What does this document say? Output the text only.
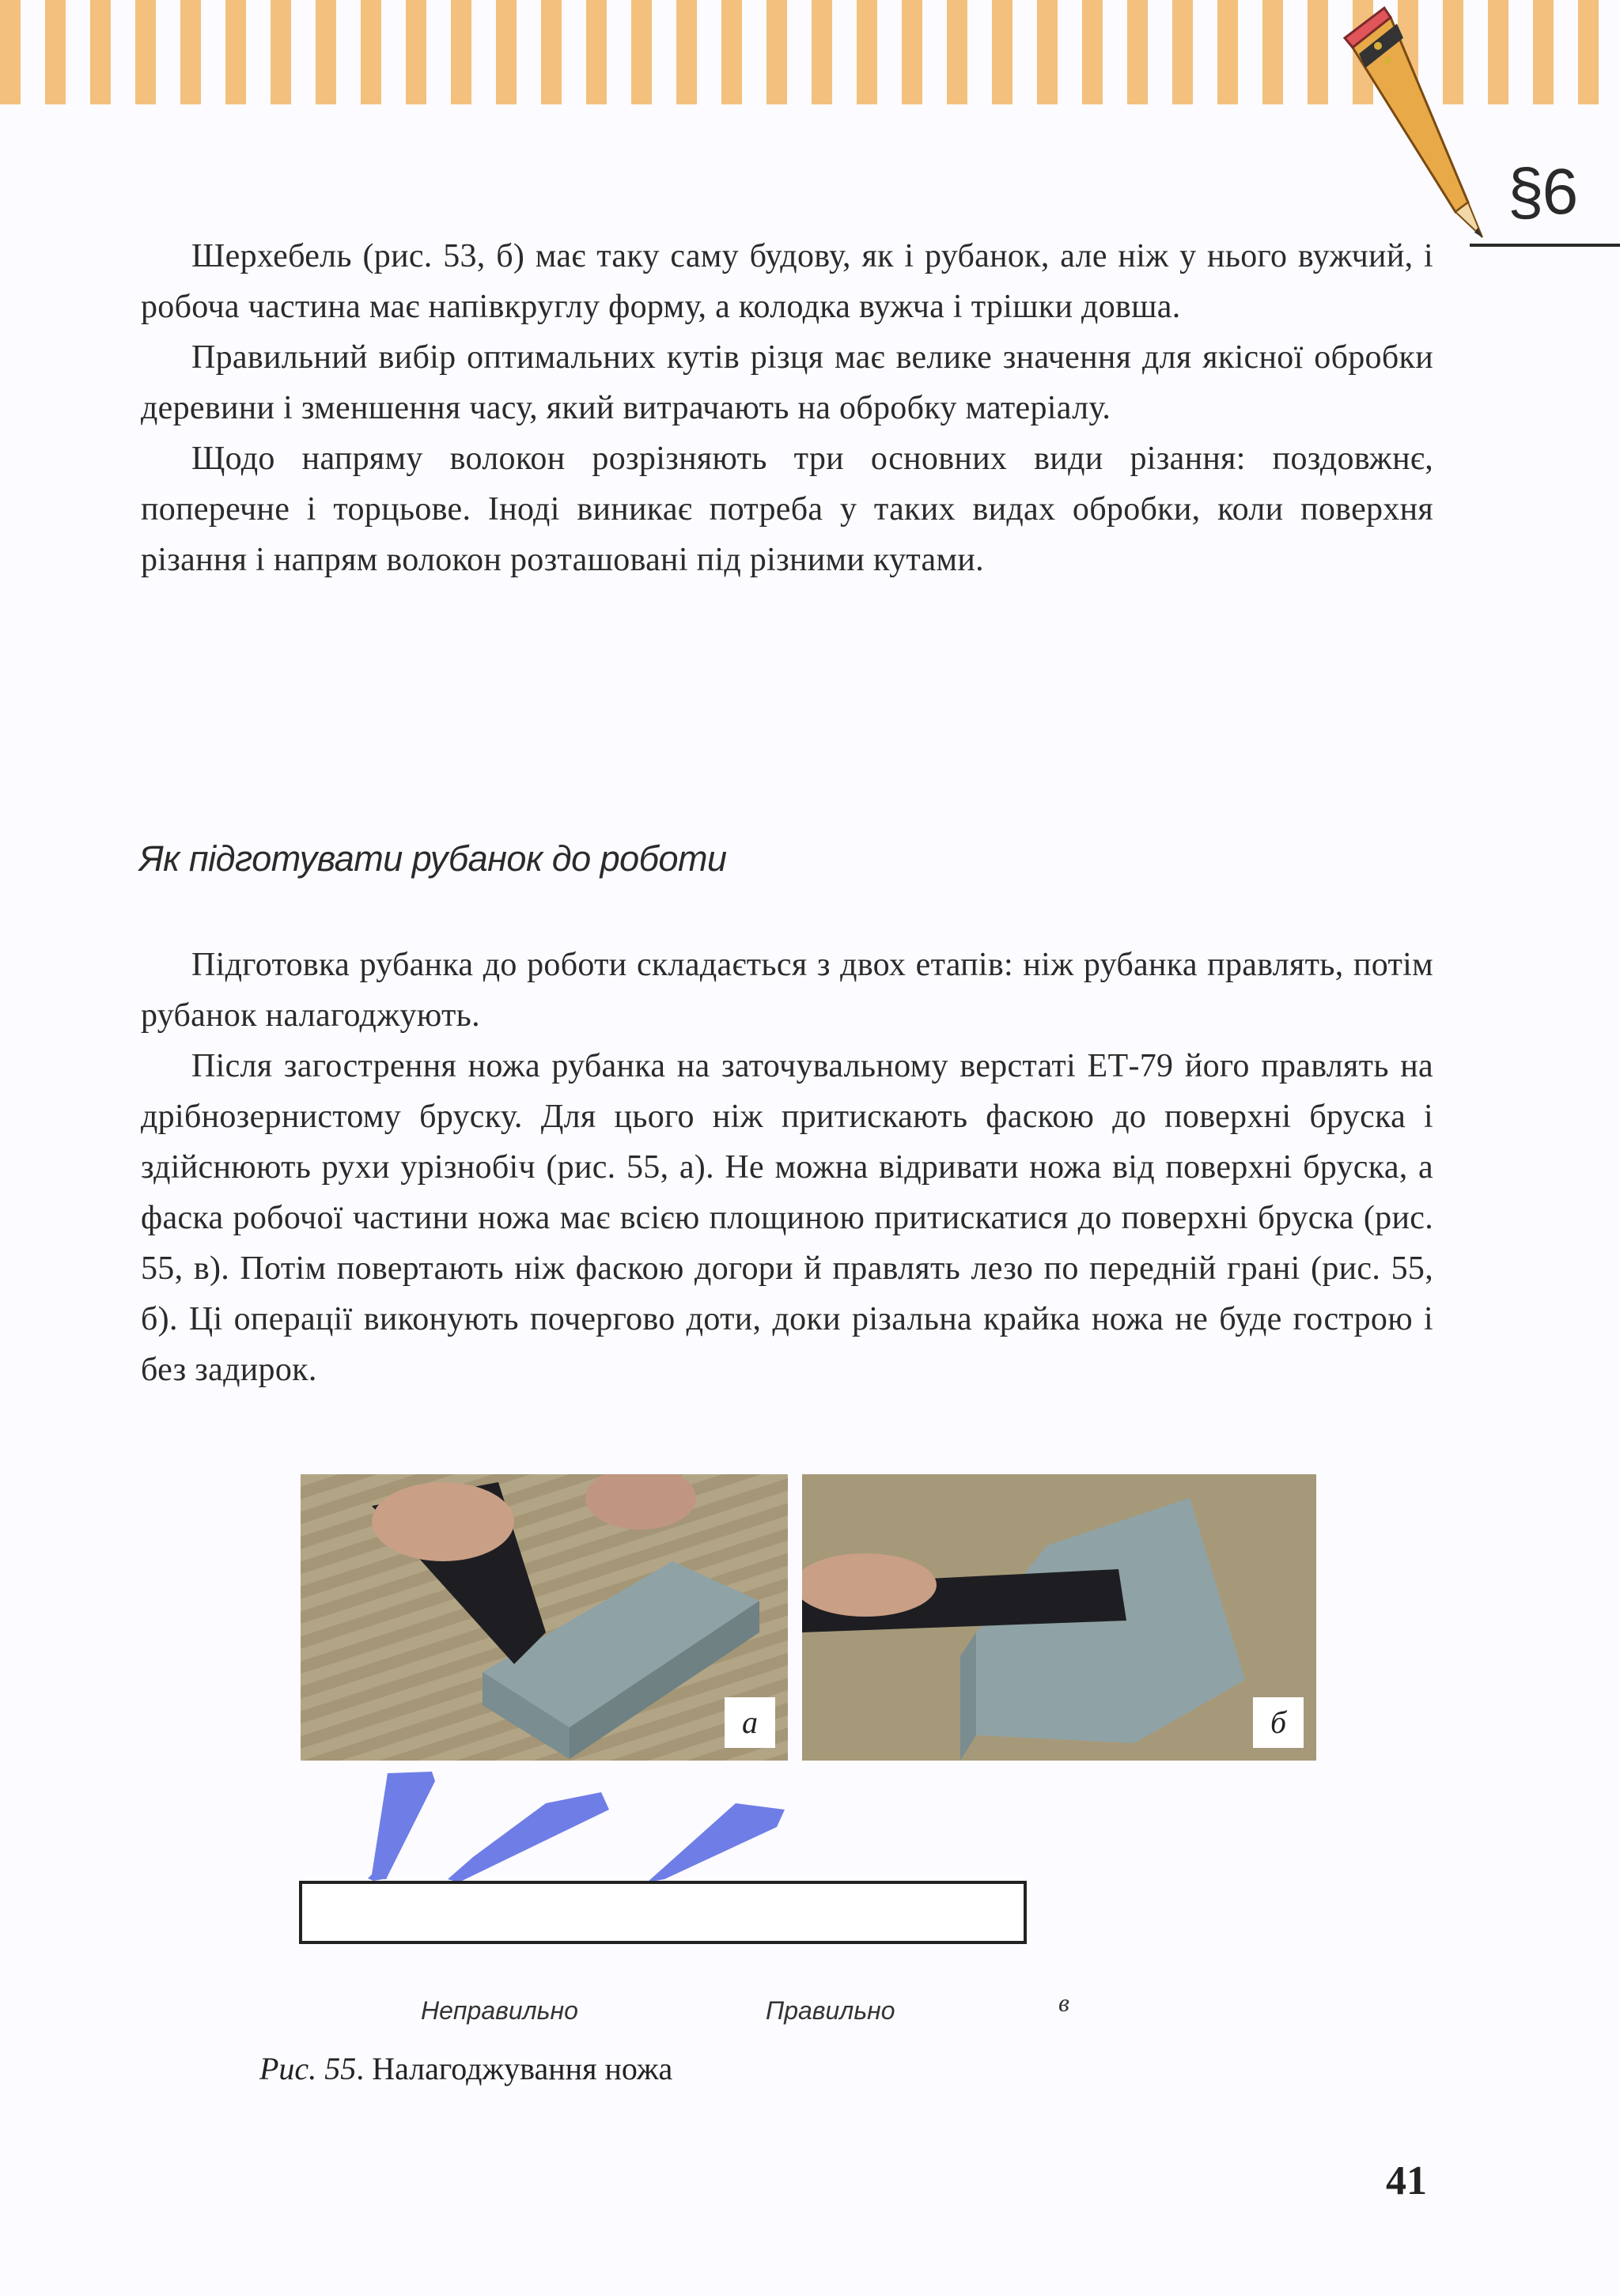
§6

Шерхебель (рис. 53, б) має таку саму будову, як і рубанок, але ніж у нього вужчий, і робоча частина має напівкруглу форму, а колодка вужча і трішки довша.

Правильний вибір оптимальних кутів різця має велике значення для якісної обробки деревини і зменшення часу, який витрачають на обробку матеріалу.

Щодо напряму волокон розрізняють три основних види різання: поздовжнє, поперечне і торцьове. Іноді виникає потреба у таких видах обробки, коли поверхня різання і напрям волокон розташовані під різними кутами.

Як підготувати рубанок до роботи

Підготовка рубанка до роботи складається з двох етапів: ніж рубанка правлять, потім рубанок налагоджують.

Після загострення ножа рубанка на заточувальному верстаті ЕТ-79 його правлять на дрібнозернистому бруску. Для цього ніж притискають фаскою до поверхні бруска і здійснюють рухи урізнобіч (рис. 55, а). Не можна відривати ножа від поверхні бруска, а фаска робочої частини ножа має всією площиною притискатися до поверхні бруска (рис. 55, в). Потім повертають ніж фаскою догори й правлять лезо по передній грані (рис. 55, б). Ці операції виконують почергово доти, доки різальна крайка ножа не буде гострою і без задирок.

а	б
Неправильно	Правильно	в
Рис. 55. Налагоджування ножа
41
